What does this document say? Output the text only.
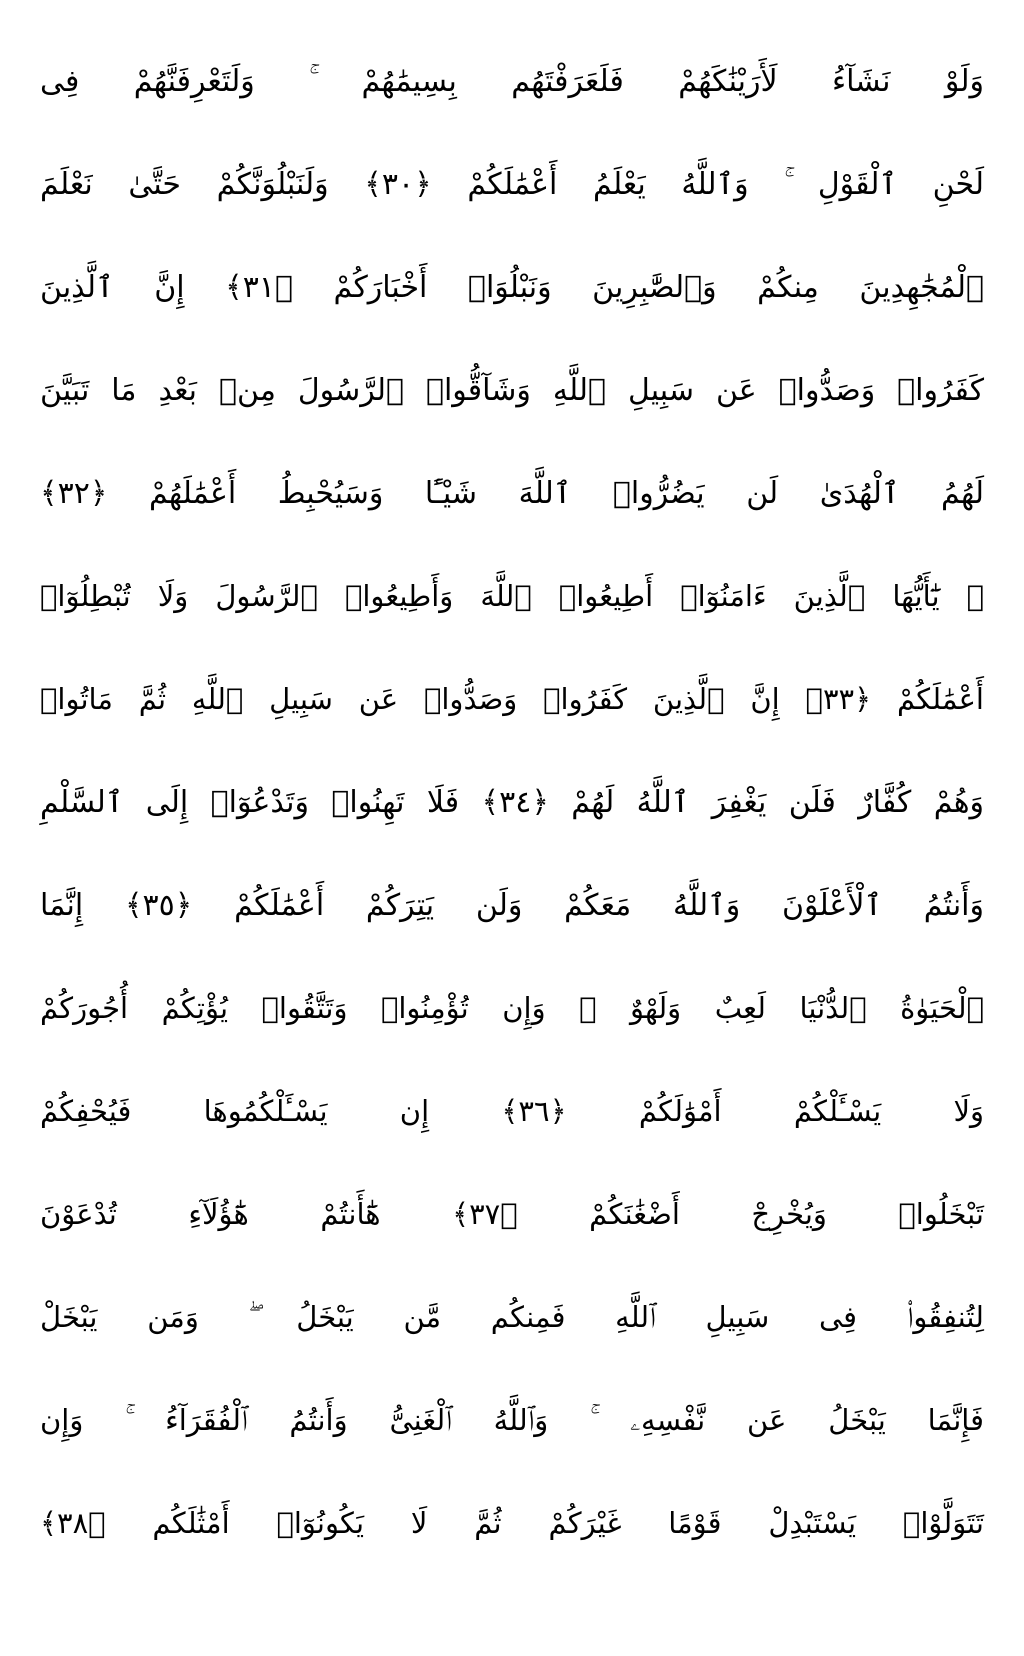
وَلَوْ نَشَآءُ لَأَرَيْنَٰكَهُمْ فَلَعَرَفْتَهُم بِسِيمَٰهُمْ ۚ وَلَتَعْرِفَنَّهُمْ فِى
لَحْنِ ٱلْقَوْلِ ۚ وَٱللَّهُ يَعْلَمُ أَعْمَٰلَكُمْ ﴿٣٠﴾ وَلَنَبْلُوَنَّكُمْ حَتَّىٰ نَعْلَمَ
ٱلْمُجَٰهِدِينَ مِنكُمْ وَٱلصَّٰبِرِينَ وَنَبْلُوَا۟ أَخْبَارَكُمْ ﴿٣١﴾ إِنَّ ٱلَّذِينَ
كَفَرُوا۟ وَصَدُّوا۟ عَن سَبِيلِ ٱللَّهِ وَشَآقُّوا۟ ٱلرَّسُولَ مِنۢ بَعْدِ مَا تَبَيَّنَ
لَهُمُ ٱلْهُدَىٰ لَن يَضُرُّوا۟ ٱللَّهَ شَيْـًٔا وَسَيُحْبِطُ أَعْمَٰلَهُمْ ﴿٣٢﴾
۞ يَٰٓأَيُّهَا ٱلَّذِينَ ءَامَنُوٓا۟ أَطِيعُوا۟ ٱللَّهَ وَأَطِيعُوا۟ ٱلرَّسُولَ وَلَا تُبْطِلُوٓا۟
أَعْمَٰلَكُمْ ﴿٣٣﴾ إِنَّ ٱلَّذِينَ كَفَرُوا۟ وَصَدُّوا۟ عَن سَبِيلِ ٱللَّهِ ثُمَّ مَاتُوا۟
وَهُمْ كُفَّارٌ فَلَن يَغْفِرَ ٱللَّهُ لَهُمْ ﴿٣٤﴾ فَلَا تَهِنُوا۟ وَتَدْعُوٓا۟ إِلَى ٱلسَّلْمِ
وَأَنتُمُ ٱلْأَعْلَوْنَ وَٱللَّهُ مَعَكُمْ وَلَن يَتِرَكُمْ أَعْمَٰلَكُمْ ﴿٣٥﴾ إِنَّمَا
ٱلْحَيَوٰةُ ٱلدُّنْيَا لَعِبٌ وَلَهْوٌ ۚ وَإِن تُؤْمِنُوا۟ وَتَتَّقُوا۟ يُؤْتِكُمْ أُجُورَكُمْ
وَلَا يَسْـَٔلْكُمْ أَمْوَٰلَكُمْ ﴿٣٦﴾ إِن يَسْـَٔلْكُمُوهَا فَيُحْفِكُمْ
تَبْخَلُوا۟ وَيُخْرِجْ أَضْغَٰنَكُمْ ﴿٣٧﴾ هَٰٓأَنتُمْ هَٰٓؤُلَآءِ تُدْعَوْنَ
لِتُنفِقُوا۟ فِى سَبِيلِ ٱللَّهِ فَمِنكُم مَّن يَبْخَلُ ۖ وَمَن يَبْخَلْ
فَإِنَّمَا يَبْخَلُ عَن نَّفْسِهِۦ ۚ وَٱللَّهُ ٱلْغَنِىُّ وَأَنتُمُ ٱلْفُقَرَآءُ ۚ وَإِن
تَتَوَلَّوْا۟ يَسْتَبْدِلْ قَوْمًا غَيْرَكُمْ ثُمَّ لَا يَكُونُوٓا۟ أَمْثَٰلَكُم ﴿٣٨﴾
